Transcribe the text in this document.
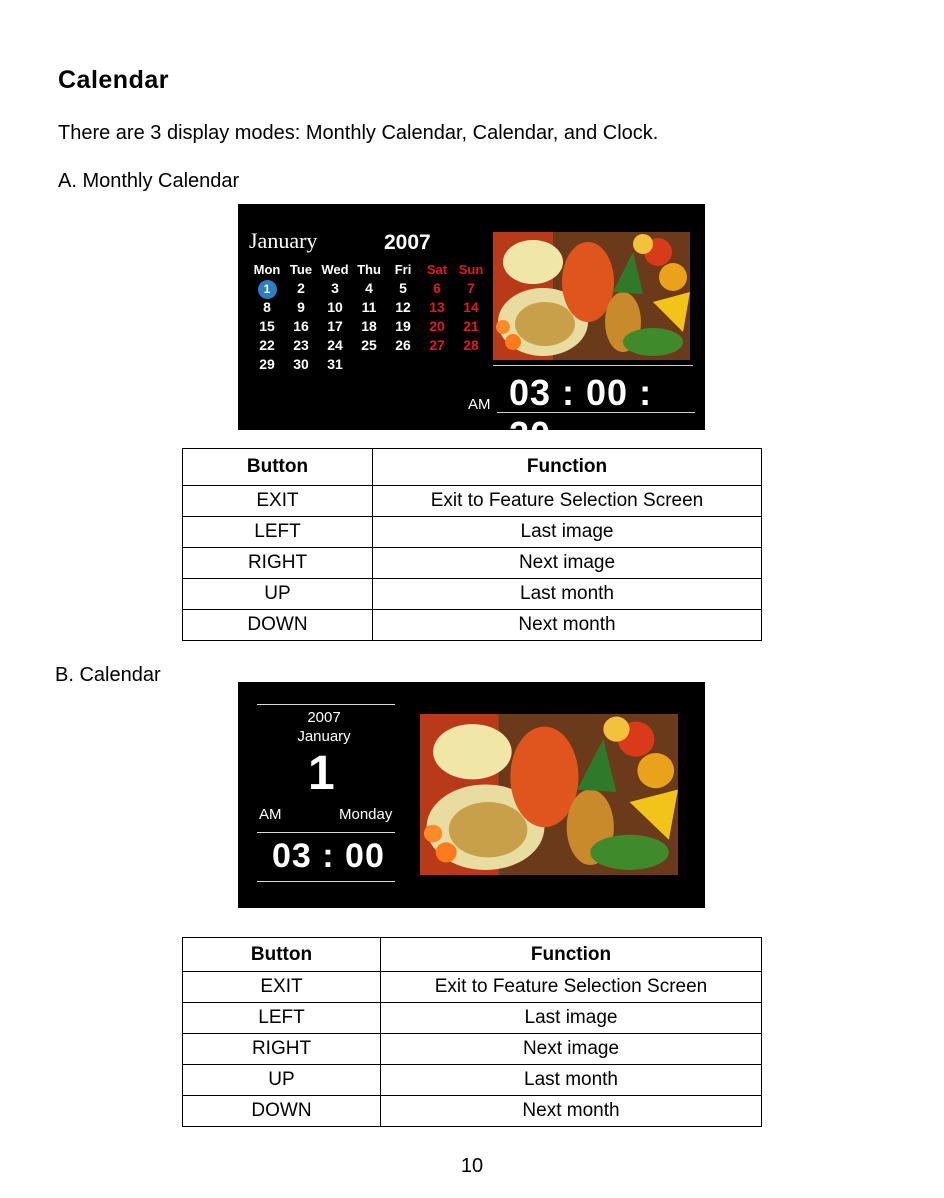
Calendar
There are 3 display modes: Monthly Calendar, Calendar, and Clock.
A. Monthly Calendar
January	2007
Mon Tue Wed Thu	Fri	Sat Sun
1	2	3	4	5	6	7
8	9	10	11	12	13	14
15	16	17	18	19	20	21
22	23	24	25	26	27	28
29	30	31
AM 03 : 00 : 20
Button	Function
EXIT	Exit to Feature Selection Screen
LEFT	Last image
RIGHT	Next image
UP	Last month
DOWN	Next month
B. Calendar
2007
January
1
AM	Monday
03 : 00
Button	Function
EXIT	Exit to Feature Selection Screen
LEFT	Last image
RIGHT	Next image
UP	Last month
DOWN	Next month
10
